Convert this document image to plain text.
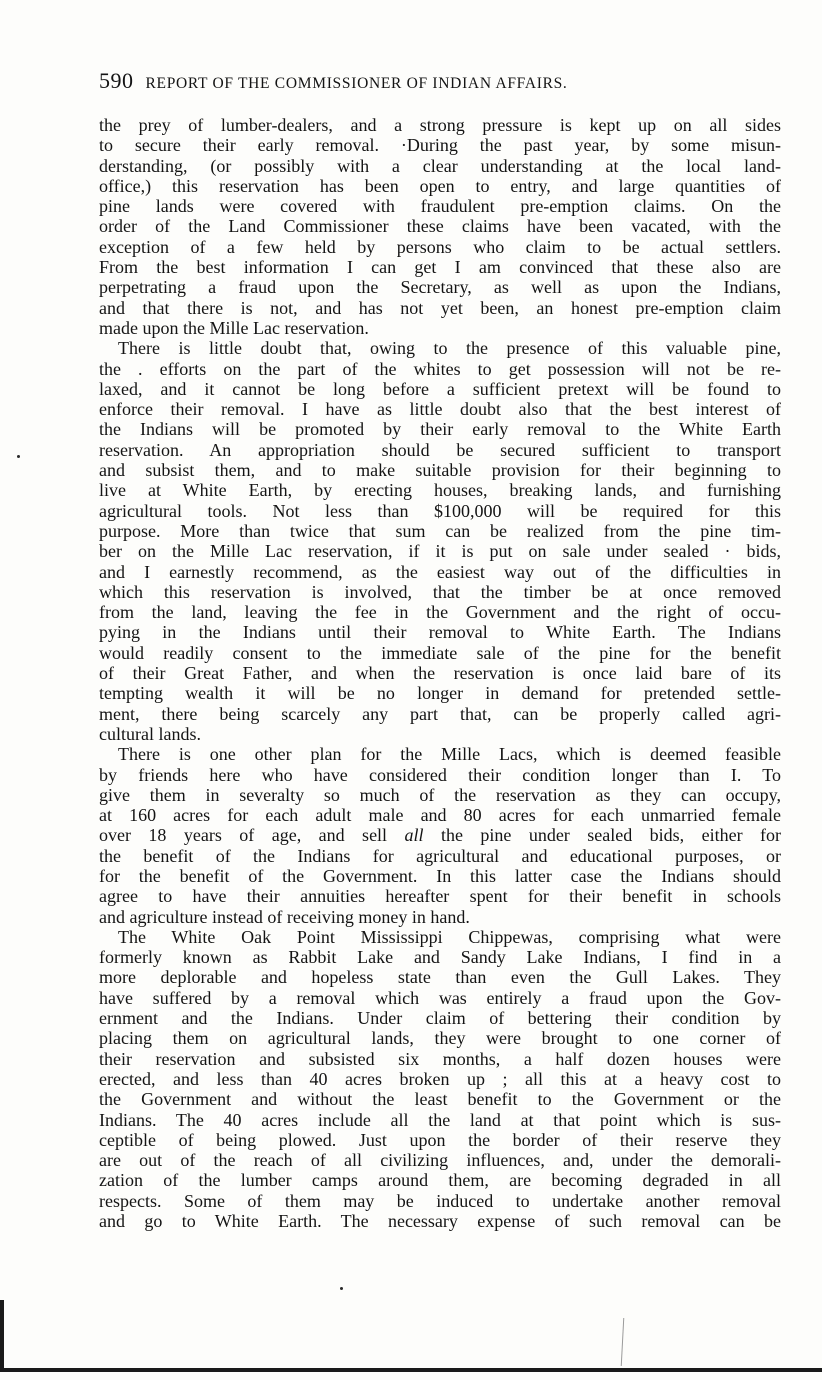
590 REPORT OF THE COMMISSIONER OF INDIAN AFFAIRS.
the prey of lumber-dealers, and a strong pressure is kept up on all sides
to secure their early removal. ·During the past year, by some misun-
derstanding, (or possibly with a clear understanding at the local land-
office,) this reservation has been open to entry, and large quantities of
pine lands were covered with fraudulent pre-emption claims. On the
order of the Land Commissioner these claims have been vacated, with the
exception of a few held by persons who claim to be actual settlers.
From the best information I can get I am convinced that these also are
perpetrating a fraud upon the Secretary, as well as upon the Indians,
and that there is not, and has not yet been, an honest pre-emption claim
made upon the Mille Lac reservation.
There is little doubt that, owing to the presence of this valuable pine,
the . efforts on the part of the whites to get possession will not be re-
laxed, and it cannot be long before a sufficient pretext will be found to
enforce their removal. I have as little doubt also that the best interest of
the Indians will be promoted by their early removal to the White Earth
reservation. An appropriation should be secured sufficient to transport
and subsist them, and to make suitable provision for their beginning to
live at White Earth, by erecting houses, breaking lands, and furnishing
agricultural tools. Not less than $100,000 will be required for this
purpose. More than twice that sum can be realized from the pine tim-
ber on the Mille Lac reservation, if it is put on sale under sealed · bids,
and I earnestly recommend, as the easiest way out of the difficulties in
which this reservation is involved, that the timber be at once removed
from the land, leaving the fee in the Government and the right of occu-
pying in the Indians until their removal to White Earth. The Indians
would readily consent to the immediate sale of the pine for the benefit
of their Great Father, and when the reservation is once laid bare of its
tempting wealth it will be no longer in demand for pretended settle-
ment, there being scarcely any part that, can be properly called agri-
cultural lands.
There is one other plan for the Mille Lacs, which is deemed feasible
by friends here who have considered their condition longer than I. To
give them in severalty so much of the reservation as they can occupy,
at 160 acres for each adult male and 80 acres for each unmarried female
over 18 years of age, and sell all the pine under sealed bids, either for
the benefit of the Indians for agricultural and educational purposes, or
for the benefit of the Government. In this latter case the Indians should
agree to have their annuities hereafter spent for their benefit in schools
and agriculture instead of receiving money in hand.
The White Oak Point Mississippi Chippewas, comprising what were
formerly known as Rabbit Lake and Sandy Lake Indians, I find in a
more deplorable and hopeless state than even the Gull Lakes. They
have suffered by a removal which was entirely a fraud upon the Gov-
ernment and the Indians. Under claim of bettering their condition by
placing them on agricultural lands, they were brought to one corner of
their reservation and subsisted six months, a half dozen houses were
erected, and less than 40 acres broken up ; all this at a heavy cost to
the Government and without the least benefit to the Government or the
Indians. The 40 acres include all the land at that point which is sus-
ceptible of being plowed. Just upon the border of their reserve they
are out of the reach of all civilizing influences, and, under the demorali-
zation of the lumber camps around them, are becoming degraded in all
respects. Some of them may be induced to undertake another removal
and go to White Earth. The necessary expense of such removal can be
